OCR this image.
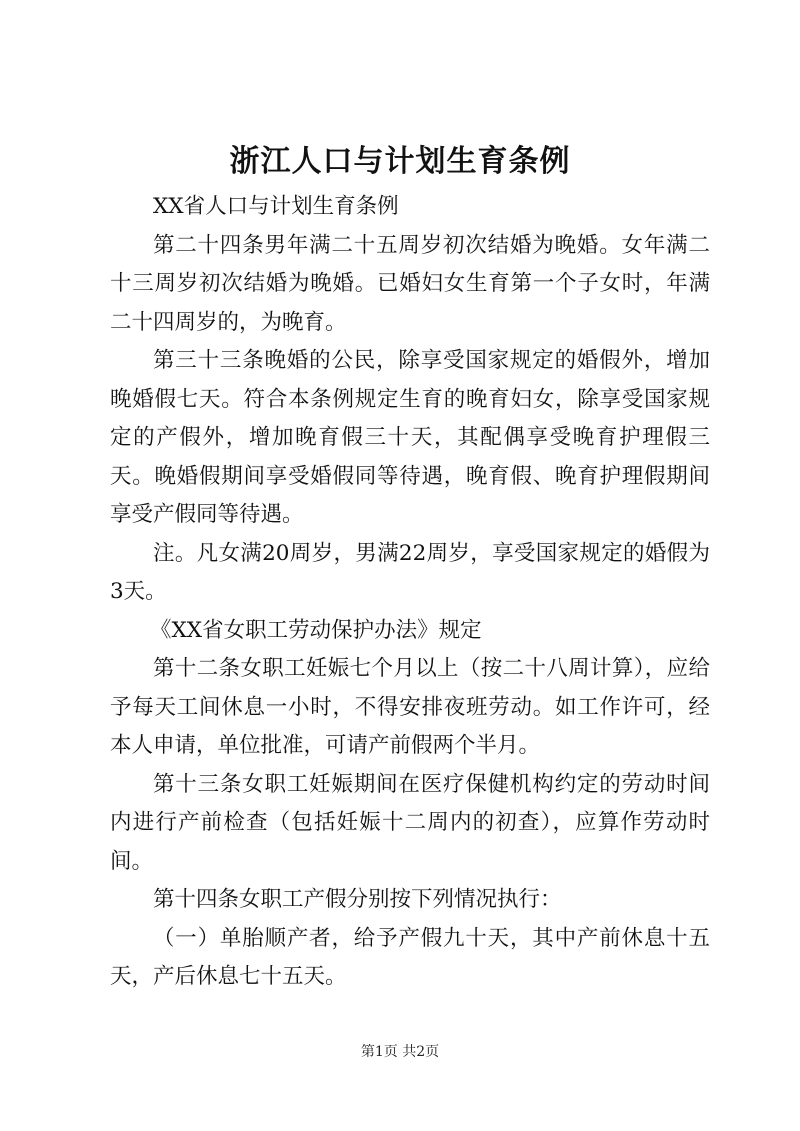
浙江人口与计划生育条例

XX省人口与计划生育条例

第二十四条男年满二十五周岁初次结婚为晚婚。女年满二十三周岁初次结婚为晚婚。已婚妇女生育第一个子女时，年满二十四周岁的，为晚育。

第三十三条晚婚的公民，除享受国家规定的婚假外，增加晚婚假七天。符合本条例规定生育的晚育妇女，除享受国家规定的产假外，增加晚育假三十天，其配偶享受晚育护理假三天。晚婚假期间享受婚假同等待遇，晚育假、晚育护理假期间享受产假同等待遇。

注。凡女满20周岁，男满22周岁，享受国家规定的婚假为3天。

《XX省女职工劳动保护办法》规定

第十二条女职工妊娠七个月以上（按二十八周计算），应给予每天工间休息一小时，不得安排夜班劳动。如工作许可，经本人申请，单位批准，可请产前假两个半月。

第十三条女职工妊娠期间在医疗保健机构约定的劳动时间内进行产前检查（包括妊娠十二周内的初查），应算作劳动时间。

第十四条女职工产假分别按下列情况执行：

（一）单胎顺产者，给予产假九十天，其中产前休息十五天，产后休息七十五天。

第1页 共2页
